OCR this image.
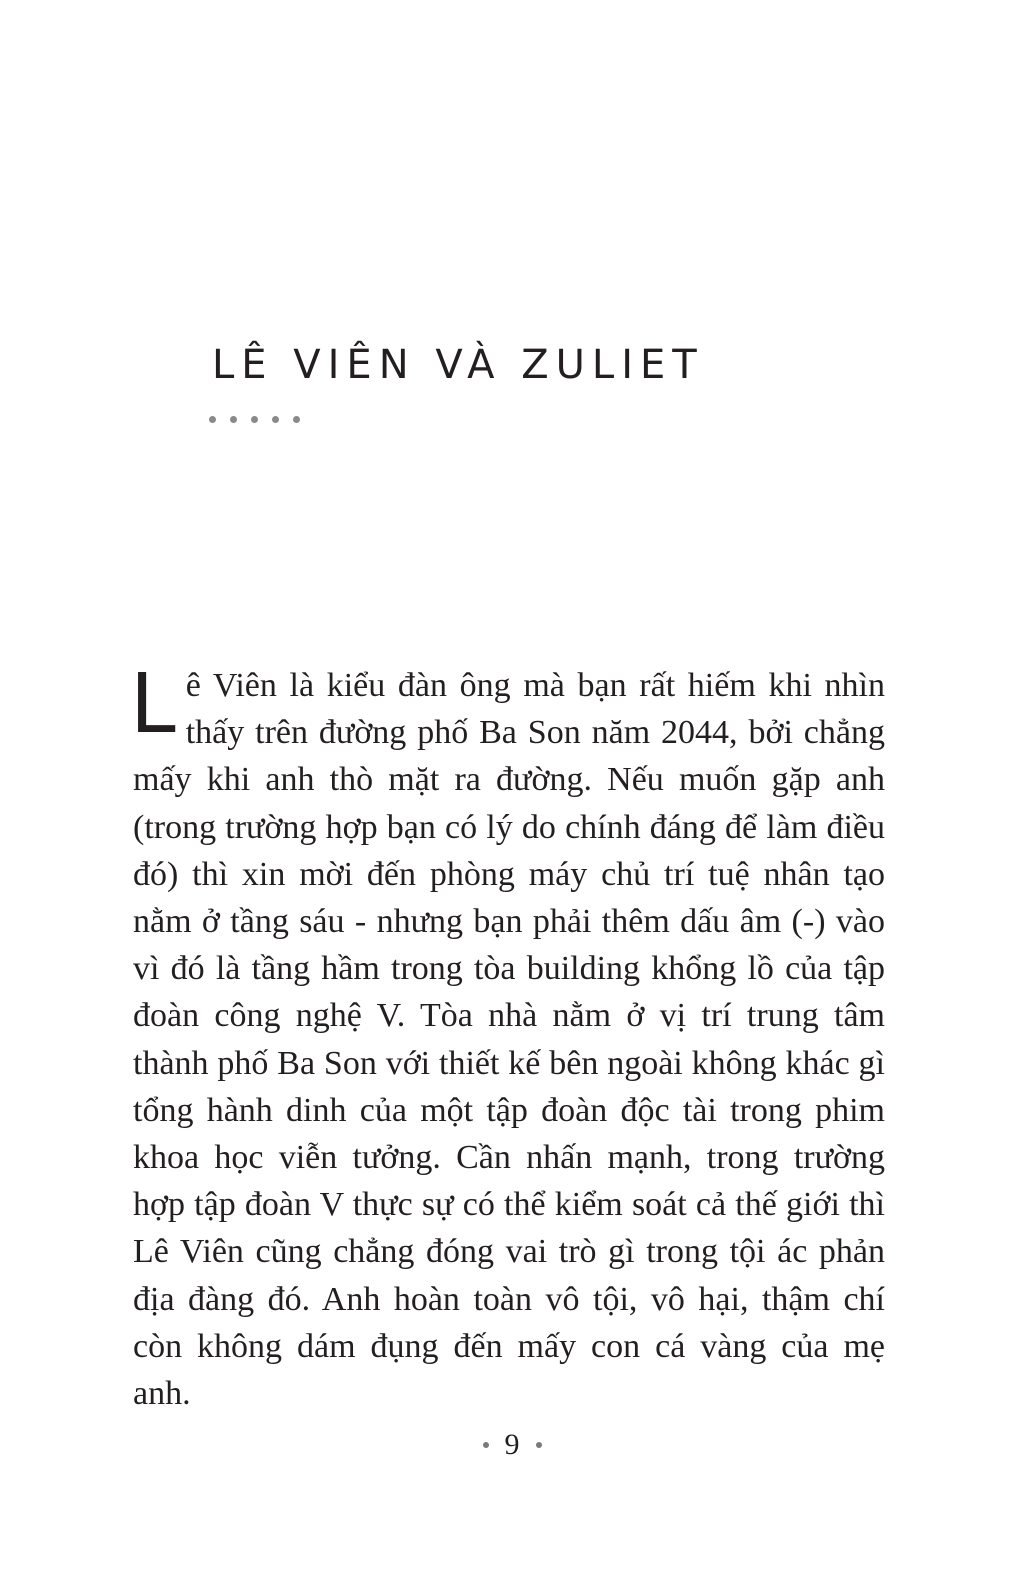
LÊ VIÊN VÀ ZULIET

Lê Viên là kiểu đàn ông mà bạn rất hiếm khi nhìn thấy trên đường phố Ba Son năm 2044, bởi chẳng mấy khi anh thò mặt ra đường. Nếu muốn gặp anh (trong trường hợp bạn có lý do chính đáng để làm điều đó) thì xin mời đến phòng máy chủ trí tuệ nhân tạo nằm ở tầng sáu - nhưng bạn phải thêm dấu âm (-) vào vì đó là tầng hầm trong tòa building khổng lồ của tập đoàn công nghệ V. Tòa nhà nằm ở vị trí trung tâm thành phố Ba Son với thiết kế bên ngoài không khác gì tổng hành dinh của một tập đoàn độc tài trong phim khoa học viễn tưởng. Cần nhấn mạnh, trong trường hợp tập đoàn V thực sự có thể kiểm soát cả thế giới thì Lê Viên cũng chẳng đóng vai trò gì trong tội ác phản địa đàng đó. Anh hoàn toàn vô tội, vô hại, thậm chí còn không dám đụng đến mấy con cá vàng của mẹ anh.

9
